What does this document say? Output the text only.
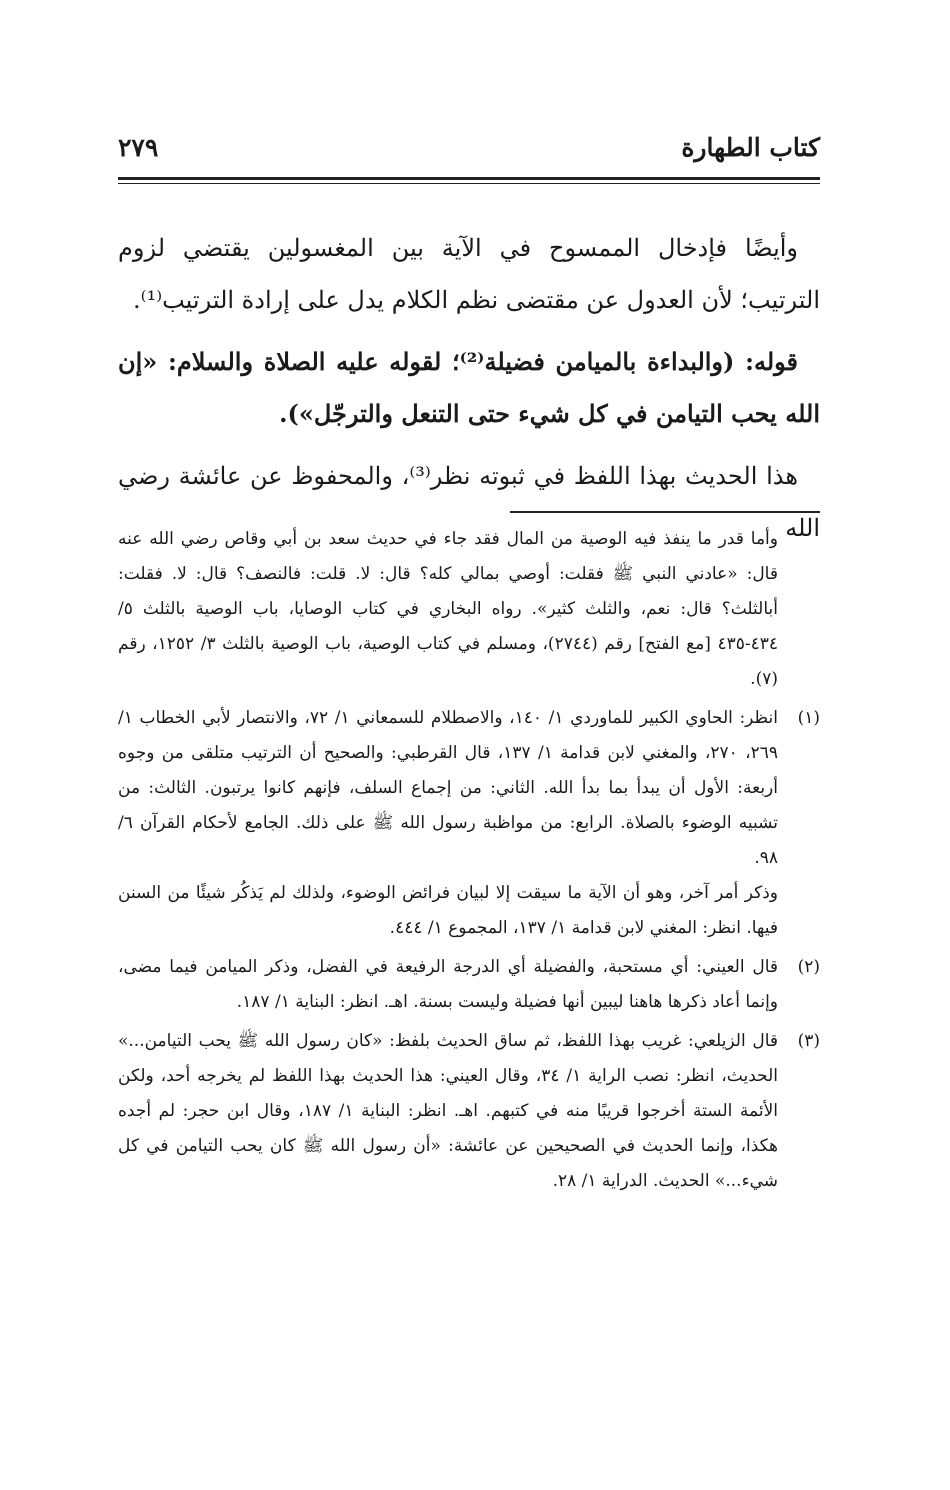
كتاب الطهارة
٢٧٩

وأيضًا فإدخال الممسوح في الآية بين المغسولين يقتضي لزوم الترتيب؛ لأن العدول عن مقتضى نظم الكلام يدل على إرادة الترتيب⁽¹⁾.

قوله: (والبداءة بالميامن فضيلة⁽²⁾؛ لقوله عليه الصلاة والسلام: «إن الله يحب التيامن في كل شيء حتى التنعل والترجّل»).

هذا الحديث بهذا اللفظ في ثبوته نظر⁽³⁾، والمحفوظ عن عائشة رضي الله

وأما قدر ما ينفذ فيه الوصية من المال فقد جاء في حديث سعد بن أبي وقاص رضي الله عنه قال: «عادني النبي ﷺ فقلت: أوصي بمالي كله؟ قال: لا. قلت: فالنصف؟ قال: لا. فقلت: أبالثلث؟ قال: نعم، والثلث كثير». رواه البخاري في كتاب الوصايا، باب الوصية بالثلث ٥/ ٤٣٤-٤٣٥ [مع الفتح] رقم (٢٧٤٤)، ومسلم في كتاب الوصية، باب الوصية بالثلث ٣/ ١٢٥٢، رقم (٧).
(١)
انظر: الحاوي الكبير للماوردي ١/ ١٤٠، والاصطلام للسمعاني ١/ ٧٢، والانتصار لأبي الخطاب ١/ ٢٦٩، ٢٧٠، والمغني لابن قدامة ١/ ١٣٧، قال القرطبي: والصحيح أن الترتيب متلقى من وجوه أربعة: الأول أن يبدأ بما بدأ الله. الثاني: من إجماع السلف، فإنهم كانوا يرتبون. الثالث: من تشبيه الوضوء بالصلاة. الرابع: من مواظبة رسول الله ﷺ على ذلك. الجامع لأحكام القرآن ٦/ ٩٨.
وذكر أمر آخر، وهو أن الآية ما سيقت إلا لبيان فرائض الوضوء، ولذلك لم يَذكُر شيئًا من السنن فيها. انظر: المغني لابن قدامة ١/ ١٣٧، المجموع ١/ ٤٤٤.
(٢)
قال العيني: أي مستحبة، والفضيلة أي الدرجة الرفيعة في الفضل، وذكر الميامن فيما مضى، وإنما أعاد ذكرها هاهنا ليبين أنها فضيلة وليست بسنة. اهـ. انظر: البناية ١/ ١٨٧.
(٣)
قال الزيلعي: غريب بهذا اللفظ، ثم ساق الحديث بلفظ: «كان رسول الله ﷺ يحب التيامن...» الحديث، انظر: نصب الراية ١/ ٣٤، وقال العيني: هذا الحديث بهذا اللفظ لم يخرجه أحد، ولكن الأئمة الستة أخرجوا قريبًا منه في كتبهم. اهـ. انظر: البناية ١/ ١٨٧، وقال ابن حجر: لم أجده هكذا، وإنما الحديث في الصحيحين عن عائشة: «أن رسول الله ﷺ كان يحب التيامن في كل شيء...» الحديث. الدراية ١/ ٢٨.
